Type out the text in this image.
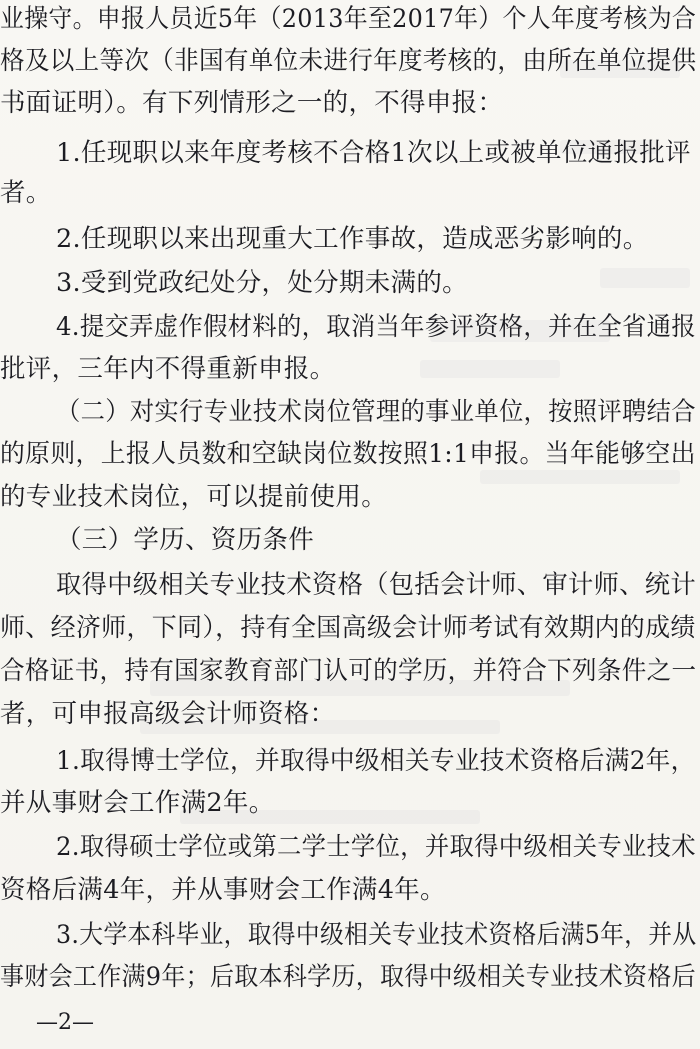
业操守。申报人员近5年（2013年至2017年）个人年度考核为合
格及以上等次（非国有单位未进行年度考核的，由所在单位提供
书面证明）。有下列情形之一的，不得申报：
1.任现职以来年度考核不合格1次以上或被单位通报批评
者。
2.任现职以来出现重大工作事故，造成恶劣影响的。
3.受到党政纪处分，处分期未满的。
4.提交弄虚作假材料的，取消当年参评资格，并在全省通报
批评，三年内不得重新申报。
（二）对实行专业技术岗位管理的事业单位，按照评聘结合
的原则，上报人员数和空缺岗位数按照1:1申报。当年能够空出
的专业技术岗位，可以提前使用。
（三）学历、资历条件
取得中级相关专业技术资格（包括会计师、审计师、统计
师、经济师，下同），持有全国高级会计师考试有效期内的成绩
合格证书，持有国家教育部门认可的学历，并符合下列条件之一
者，可申报高级会计师资格：
1.取得博士学位，并取得中级相关专业技术资格后满2年，
并从事财会工作满2年。
2.取得硕士学位或第二学士学位，并取得中级相关专业技术
资格后满4年，并从事财会工作满4年。
3.大学本科毕业，取得中级相关专业技术资格后满5年，并从
事财会工作满9年；后取本科学历，取得中级相关专业技术资格后
—2—
